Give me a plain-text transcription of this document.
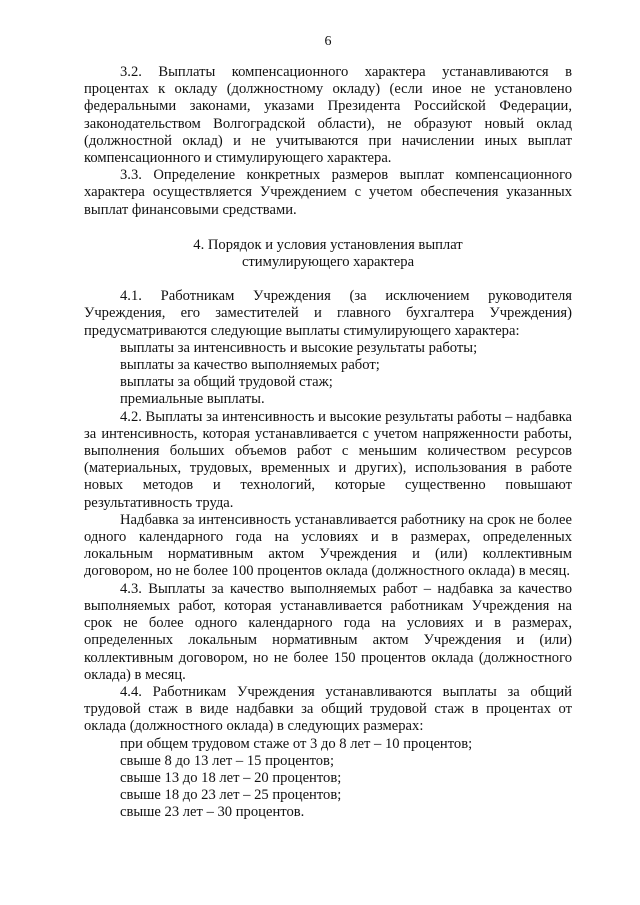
6

3.2. Выплаты компенсационного характера устанавливаются в процентах к окладу (должностному окладу) (если иное не установлено федеральными законами, указами Президента Российской Федерации, законодательством Волгоградской области), не образуют новый оклад (должностной оклад) и не учитываются при начислении иных выплат компенсационного и стимулирующего характера.

3.3. Определение конкретных размеров выплат компенсационного характера осуществляется Учреждением с учетом обеспечения указанных выплат финансовыми средствами.

4. Порядок и условия установления выплат
стимулирующего характера

4.1. Работникам Учреждения (за исключением руководителя Учреждения, его заместителей и главного бухгалтера Учреждения) предусматриваются следующие выплаты стимулирующего характера:

выплаты за интенсивность и высокие результаты работы;

выплаты за качество выполняемых работ;

выплаты за общий трудовой стаж;

премиальные выплаты.

4.2. Выплаты за интенсивность и высокие результаты работы – надбавка за интенсивность, которая устанавливается с учетом напряженности работы, выполнения больших объемов работ с меньшим количеством ресурсов (материальных, трудовых, временных и других), использования в работе новых методов и технологий, которые существенно повышают результативность труда.

Надбавка за интенсивность устанавливается работнику на срок не более одного календарного года на условиях и в размерах, определенных локальным нормативным актом Учреждения и (или) коллективным договором, но не более 100 процентов оклада (должностного оклада) в месяц.

4.3. Выплаты за качество выполняемых работ – надбавка за качество выполняемых работ, которая устанавливается работникам Учреждения на срок не более одного календарного года на условиях и в размерах, определенных локальным нормативным актом Учреждения и (или) коллективным договором, но не более 150 процентов оклада (должностного оклада) в месяц.

4.4. Работникам Учреждения устанавливаются выплаты за общий трудовой стаж в виде надбавки за общий трудовой стаж в процентах от оклада (должностного оклада) в следующих размерах:

при общем трудовом стаже от 3 до 8 лет – 10 процентов;

свыше 8 до 13 лет – 15 процентов;

свыше 13 до 18 лет – 20 процентов;

свыше 18 до 23 лет – 25 процентов;

свыше 23 лет – 30 процентов.
